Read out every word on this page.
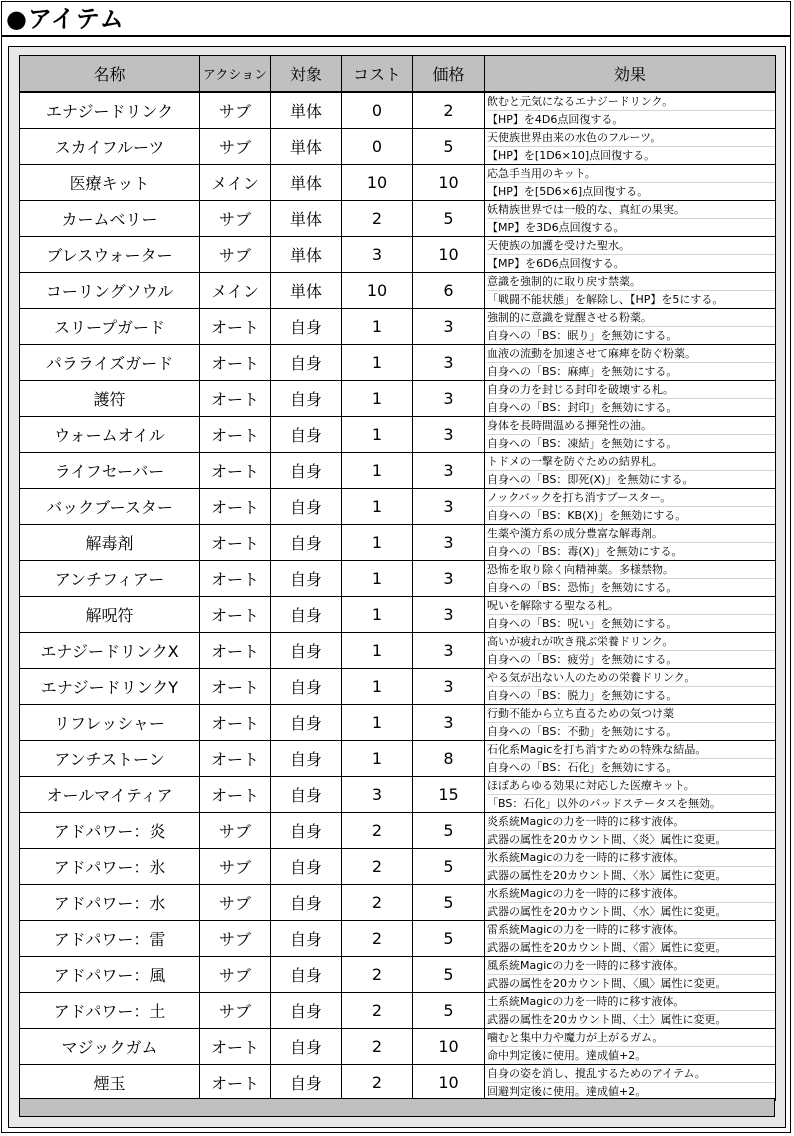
●アイテム
名称	アクション	対象	コスト	価格	効果
エナジードリンク	サブ	単体	0	2	飲むと元気になるエナジードリンク。
【HP】を4D6点回復する。

スカイフルーツ	サブ	単体	0	5	天使族世界由来の水色のフルーツ。
【HP】を[1D6×10]点回復する。

医療キット	メイン	単体	10	10	応急手当用のキット。
【HP】を[5D6×6]点回復する。

カームベリー	サブ	単体	2	5	妖精族世界では一般的な、真紅の果実。
【MP】を3D6点回復する。

ブレスウォーター	サブ	単体	3	10	天使族の加護を受けた聖水。
【MP】を6D6点回復する。

コーリングソウル	メイン	単体	10	6	意識を強制的に取り戻す禁薬。
「戦闘不能状態」を解除し、【HP】を5にする。

スリープガード	オート	自身	1	3	強制的に意識を覚醒させる粉薬。
自身への「BS：眠り」を無効にする。

パラライズガード	オート	自身	1	3	血液の流動を加速させて麻痺を防ぐ粉薬。
自身への「BS：麻痺」を無効にする。

護符	オート	自身	1	3	自身の力を封じる封印を破壊する札。
自身への「BS：封印」を無効にする。

ウォームオイル	オート	自身	1	3	身体を長時間温める揮発性の油。
自身への「BS：凍結」を無効にする。

ライフセーバー	オート	自身	1	3	トドメの一撃を防ぐための結界札。
自身への「BS：即死(X)」を無効にする。

バックブースター	オート	自身	1	3	ノックバックを打ち消すブースター。
自身への「BS：KB(X)」を無効にする。

解毒剤	オート	自身	1	3	生薬や漢方系の成分豊富な解毒剤。
自身への「BS：毒(X)」を無効にする。

アンチフィアー	オート	自身	1	3	恐怖を取り除く向精神薬。多様禁物。
自身への「BS：恐怖」を無効にする。

解呪符	オート	自身	1	3	呪いを解除する聖なる札。
自身への「BS：呪い」を無効にする。

エナジードリンクX	オート	自身	1	3	高いが疲れが吹き飛ぶ栄養ドリンク。
自身への「BS：疲労」を無効にする。

エナジードリンクY	オート	自身	1	3	やる気が出ない人のための栄養ドリンク。
自身への「BS：脱力」を無効にする。

リフレッシャー	オート	自身	1	3	行動不能から立ち直るための気つけ薬
自身への「BS：不動」を無効にする。

アンチストーン	オート	自身	1	8	石化系Magicを打ち消すための特殊な結晶。
自身への「BS：石化」を無効にする。

オールマイティア	オート	自身	3	15	ほぼあらゆる効果に対応した医療キット。
「BS：石化」以外のバッドステータスを無効。

アドパワー：炎	サブ	自身	2	5	炎系統Magicの力を一時的に移す液体。
武器の属性を20カウント間、〈炎〉属性に変更。

アドパワー：氷	サブ	自身	2	5	氷系統Magicの力を一時的に移す液体。
武器の属性を20カウント間、〈氷〉属性に変更。

アドパワー：水	サブ	自身	2	5	水系統Magicの力を一時的に移す液体。
武器の属性を20カウント間、〈水〉属性に変更。

アドパワー：雷	サブ	自身	2	5	雷系統Magicの力を一時的に移す液体。
武器の属性を20カウント間、〈雷〉属性に変更。

アドパワー：風	サブ	自身	2	5	風系統Magicの力を一時的に移す液体。
武器の属性を20カウント間、〈風〉属性に変更。

アドパワー：土	サブ	自身	2	5	土系統Magicの力を一時的に移す液体。
武器の属性を20カウント間、〈土〉属性に変更。

マジックガム	オート	自身	2	10	噛むと集中力や魔力が上がるガム。
命中判定後に使用。達成値+2。

煙玉	オート	自身	2	10	自身の姿を消し、撹乱するためのアイテム。
回避判定後に使用。達成値+2。
